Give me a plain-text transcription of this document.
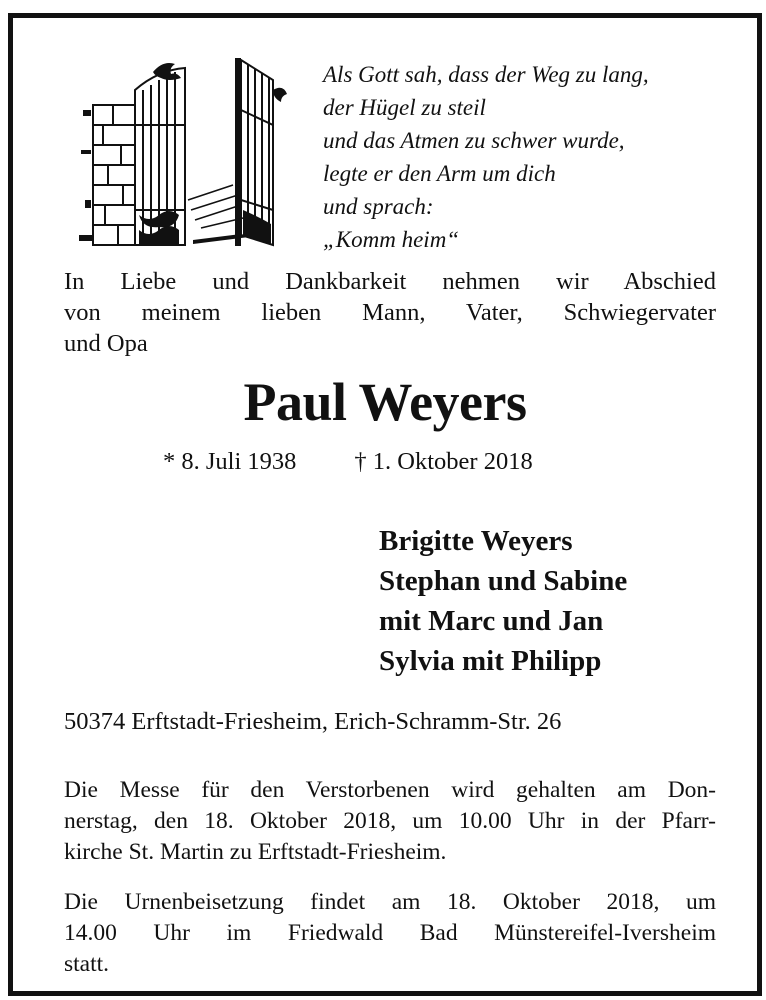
Als Gott sah, dass der Weg zu lang,
der Hügel zu steil
und das Atmen zu schwer wurde,
legte er den Arm um dich
und sprach:
„Komm heim“
In Liebe und Dankbarkeit nehmen wir Abschied
von meinem lieben Mann, Vater, Schwiegervater
und Opa
Paul Weyers
* 8. Juli 1938 † 1. Oktober 2018
Brigitte Weyers
Stephan und Sabine
mit Marc und Jan
Sylvia mit Philipp
50374 Erftstadt-Friesheim, Erich-Schramm-Str. 26
Die Messe für den Verstorbenen wird gehalten am Don-
nerstag, den 18. Oktober 2018, um 10.00 Uhr in der Pfarr-
kirche St. Martin zu Erftstadt-Friesheim.
Die Urnenbeisetzung findet am 18. Oktober 2018, um
14.00 Uhr im Friedwald Bad Münstereifel-Iversheim
statt.
